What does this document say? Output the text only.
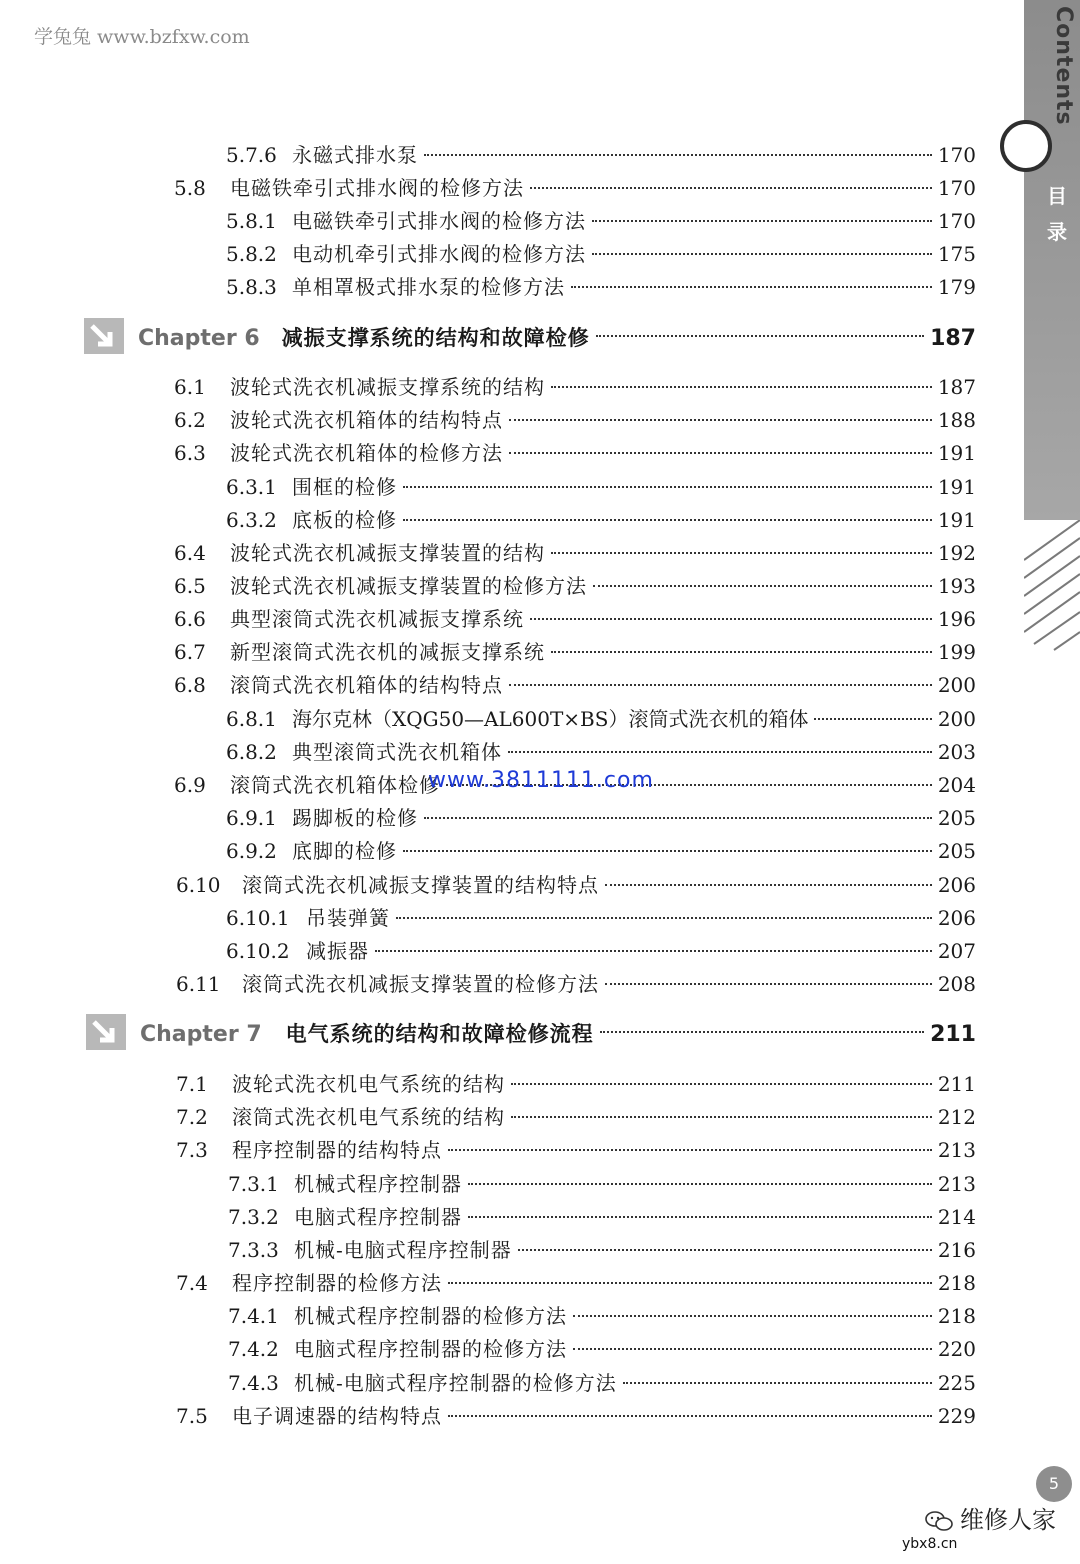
学兔兔 www.bzfxw.com	Contents
目录
5.7.6 永磁式排水泵	170
5.8	电磁铁牵引式排水阀的检修方法	170
5.8.1 电磁铁牵引式排水阀的检修方法	170
5.8.2 电动机牵引式排水阀的检修方法	175
5.8.3 单相罩极式排水泵的检修方法	179
Chapter 6 减振支撑系统的结构和故障检修	187
6.1	波轮式洗衣机减振支撑系统的结构	187
6.2	波轮式洗衣机箱体的结构特点	188
6.3	波轮式洗衣机箱体的检修方法	191
6.3.1 围框的检修	191
6.3.2 底板的检修	191
6.4	波轮式洗衣机减振支撑装置的结构	192
6.5	波轮式洗衣机减振支撑装置的检修方法	193
6.6	典型滚筒式洗衣机减振支撑系统	196
6.7	新型滚筒式洗衣机的减振支撑系统	199
6.8	滚筒式洗衣机箱体的结构特点	200
6.8.1 海尔克林（XQG50—AL600T×BS）滚筒式洗衣机的箱体	200
6.8.2 典型滚筒式洗衣机箱体	203
6.9	滚筒式洗衣机箱体检修	204
6.9.1 踢脚板的检修	205
6.9.2 底脚的检修	205
6.10	滚筒式洗衣机减振支撑装置的结构特点	206
6.10.1 吊装弹簧	206
6.10.2 减振器	207
6.11	滚筒式洗衣机减振支撑装置的检修方法	208
Chapter 7 电气系统的结构和故障检修流程	211
7.1	波轮式洗衣机电气系统的结构	211
7.2	滚筒式洗衣机电气系统的结构	212
7.3	程序控制器的结构特点	213
7.3.1 机械式程序控制器	213
7.3.2 电脑式程序控制器	214
7.3.3 机械-电脑式程序控制器	216
7.4	程序控制器的检修方法	218
7.4.1 机械式程序控制器的检修方法	218
7.4.2 电脑式程序控制器的检修方法	220
7.4.3 机械-电脑式程序控制器的检修方法	225
7.5	电子调速器的结构特点	229
www.3811111.com
5
维修人家
ybx8.cn
